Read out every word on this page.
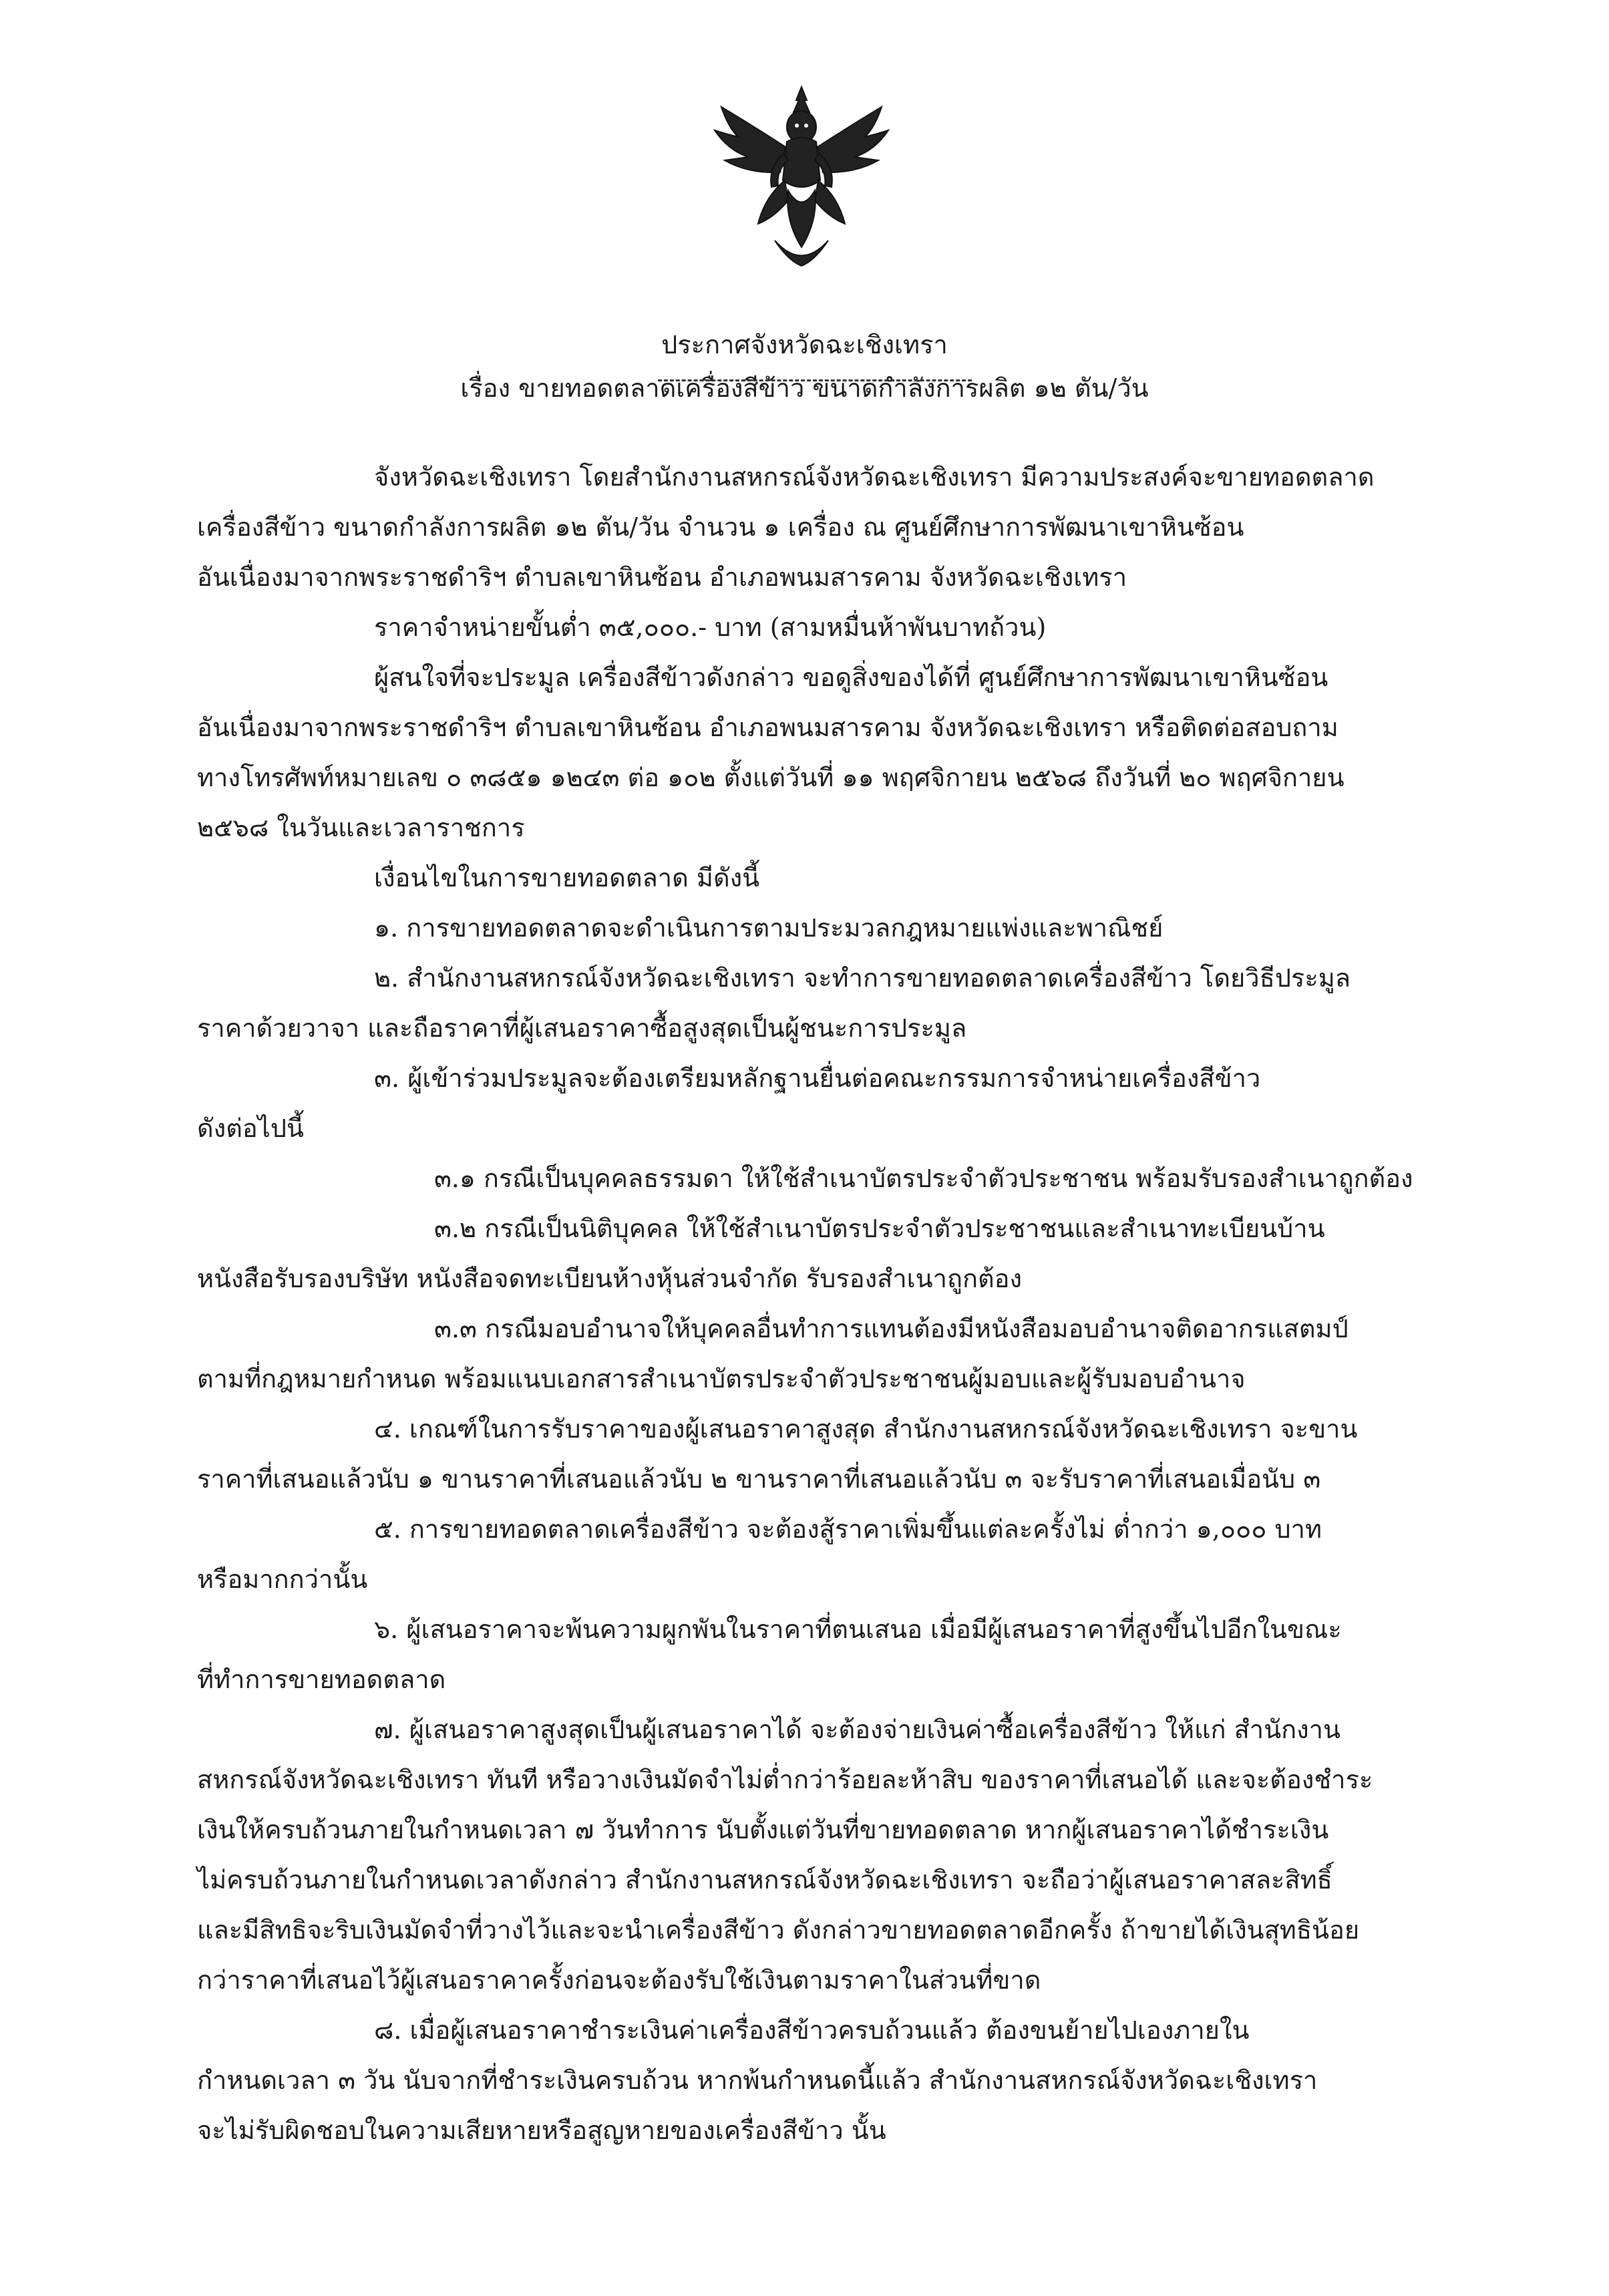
ประกาศจังหวัดฉะเชิงเทรา
เรื่อง ขายทอดตลาดเครื่องสีข้าว ขนาดกำลังการผลิต ๑๒ ตัน/วัน
จังหวัดฉะเชิงเทรา โดยสำนักงานสหกรณ์จังหวัดฉะเชิงเทรา มีความประสงค์จะขายทอดตลาด
เครื่องสีข้าว ขนาดกำลังการผลิต ๑๒ ตัน/วัน จำนวน ๑ เครื่อง ณ ศูนย์ศึกษาการพัฒนาเขาหินซ้อน
อันเนื่องมาจากพระราชดำริฯ ตำบลเขาหินซ้อน อำเภอพนมสารคาม จังหวัดฉะเชิงเทรา
ราคาจำหน่ายขั้นต่ำ ๓๕,๐๐๐.- บาท (สามหมื่นห้าพันบาทถ้วน)
ผู้สนใจที่จะประมูล เครื่องสีข้าวดังกล่าว ขอดูสิ่งของได้ที่ ศูนย์ศึกษาการพัฒนาเขาหินซ้อน
อันเนื่องมาจากพระราชดำริฯ ตำบลเขาหินซ้อน อำเภอพนมสารคาม จังหวัดฉะเชิงเทรา หรือติดต่อสอบถาม
ทางโทรศัพท์หมายเลข ๐ ๓๘๕๑ ๑๒๔๓ ต่อ ๑๐๒ ตั้งแต่วันที่ ๑๑ พฤศจิกายน ๒๕๖๘ ถึงวันที่ ๒๐ พฤศจิกายน
๒๕๖๘ ในวันและเวลาราชการ
เงื่อนไขในการขายทอดตลาด มีดังนี้
๑. การขายทอดตลาดจะดำเนินการตามประมวลกฎหมายแพ่งและพาณิชย์
๒. สำนักงานสหกรณ์จังหวัดฉะเชิงเทรา จะทำการขายทอดตลาดเครื่องสีข้าว โดยวิธีประมูล
ราคาด้วยวาจา และถือราคาที่ผู้เสนอราคาซื้อสูงสุดเป็นผู้ชนะการประมูล
๓. ผู้เข้าร่วมประมูลจะต้องเตรียมหลักฐานยื่นต่อคณะกรรมการจำหน่ายเครื่องสีข้าว
ดังต่อไปนี้
๓.๑ กรณีเป็นบุคคลธรรมดา ให้ใช้สำเนาบัตรประจำตัวประชาชน พร้อมรับรองสำเนาถูกต้อง
๓.๒ กรณีเป็นนิติบุคคล ให้ใช้สำเนาบัตรประจำตัวประชาชนและสำเนาทะเบียนบ้าน
หนังสือรับรองบริษัท หนังสือจดทะเบียนห้างหุ้นส่วนจำกัด รับรองสำเนาถูกต้อง
๓.๓ กรณีมอบอำนาจให้บุคคลอื่นทำการแทนต้องมีหนังสือมอบอำนาจติดอากรแสตมป์
ตามที่กฎหมายกำหนด พร้อมแนบเอกสารสำเนาบัตรประจำตัวประชาชนผู้มอบและผู้รับมอบอำนาจ
๔. เกณฑ์ในการรับราคาของผู้เสนอราคาสูงสุด สำนักงานสหกรณ์จังหวัดฉะเชิงเทรา จะขาน
ราคาที่เสนอแล้วนับ ๑ ขานราคาที่เสนอแล้วนับ ๒ ขานราคาที่เสนอแล้วนับ ๓ จะรับราคาที่เสนอเมื่อนับ ๓
๕. การขายทอดตลาดเครื่องสีข้าว จะต้องสู้ราคาเพิ่มขึ้นแต่ละครั้งไม่ ต่ำกว่า ๑,๐๐๐ บาท
หรือมากกว่านั้น
๖. ผู้เสนอราคาจะพ้นความผูกพันในราคาที่ตนเสนอ เมื่อมีผู้เสนอราคาที่สูงขึ้นไปอีกในขณะ
ที่ทำการขายทอดตลาด
๗. ผู้เสนอราคาสูงสุดเป็นผู้เสนอราคาได้ จะต้องจ่ายเงินค่าซื้อเครื่องสีข้าว ให้แก่ สำนักงาน
สหกรณ์จังหวัดฉะเชิงเทรา ทันที หรือวางเงินมัดจำไม่ต่ำกว่าร้อยละห้าสิบ ของราคาที่เสนอได้ และจะต้องชำระ
เงินให้ครบถ้วนภายในกำหนดเวลา ๗ วันทำการ นับตั้งแต่วันที่ขายทอดตลาด หากผู้เสนอราคาได้ชำระเงิน
ไม่ครบถ้วนภายในกำหนดเวลาดังกล่าว สำนักงานสหกรณ์จังหวัดฉะเชิงเทรา จะถือว่าผู้เสนอราคาสละสิทธิ์
และมีสิทธิจะริบเงินมัดจำที่วางไว้และจะนำเครื่องสีข้าว ดังกล่าวขายทอดตลาดอีกครั้ง ถ้าขายได้เงินสุทธิน้อย
กว่าราคาที่เสนอไว้ผู้เสนอราคาครั้งก่อนจะต้องรับใช้เงินตามราคาในส่วนที่ขาด
๘. เมื่อผู้เสนอราคาชำระเงินค่าเครื่องสีข้าวครบถ้วนแล้ว ต้องขนย้ายไปเองภายใน
กำหนดเวลา ๓ วัน นับจากที่ชำระเงินครบถ้วน หากพ้นกำหนดนี้แล้ว สำนักงานสหกรณ์จังหวัดฉะเชิงเทรา
จะไม่รับผิดชอบในความเสียหายหรือสูญหายของเครื่องสีข้าว นั้น
